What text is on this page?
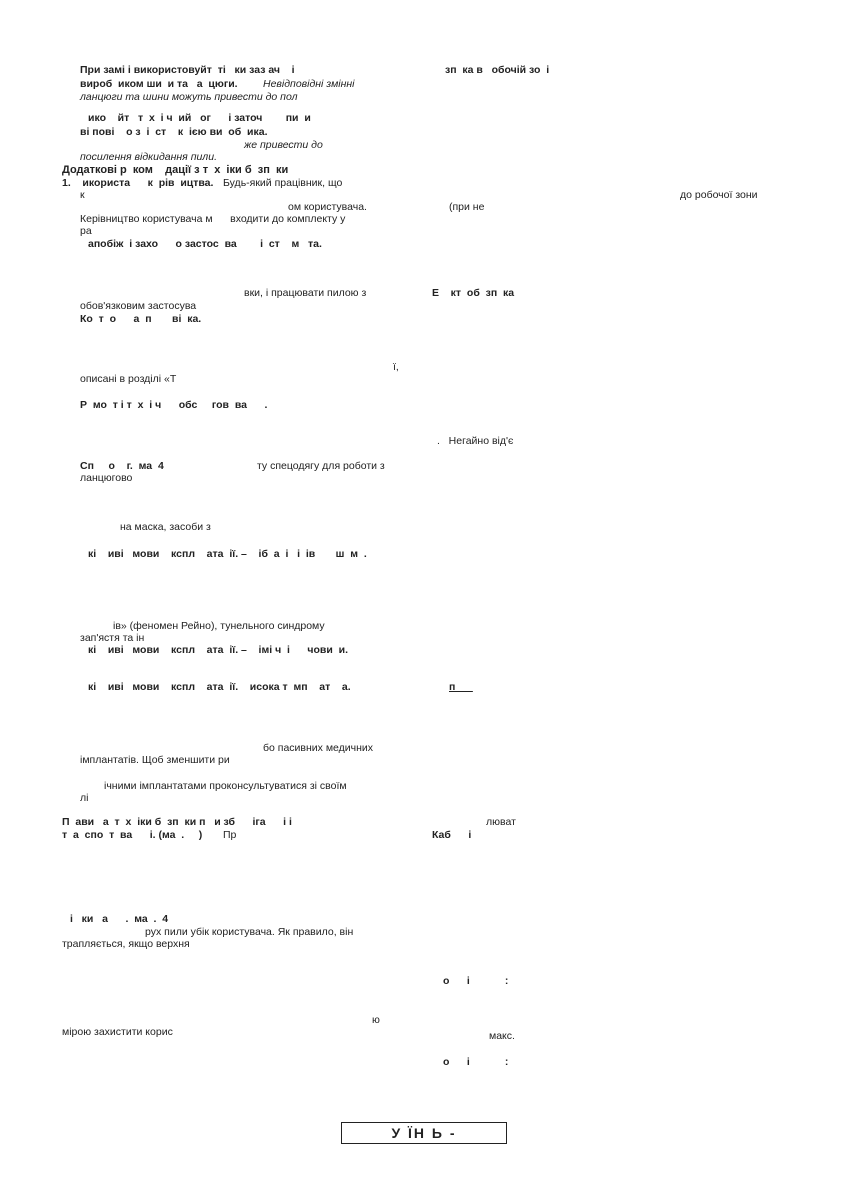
При замі і використовуйт  ті   ки заз ач    і	зп  ка в   обочій зо  і
вироб  иком ши  и та   а  цюги. Невідповідні змінні
ланцюги та шини можуть привести до пол
ико    йт   т  х  і ч  ий   ог      і заточ        пи  и
ві пові    о з  і  ст    к  ією ви  об  ика.
же привести до
посилення відкидання пили.
Додаткові р  ком    дації з т  х  іки б  зп  ки
1.    икориста      к  рів  ицтва. Будь-який працівник, що
к	до робочої зони
ом користувача.	(при не
Керівництво користувача м      входити до комплекту у
ра
апобіж  і захо      о застос  ва        і  ст    м   та.
вки, і працювати пилою з	Е    кт  об  зп  ка
обов'язковим застосува
Ко  т  о      а  п       ві  ка.
ї,
описані в розділі «Т
Р  мо  т і т  х  і ч      обс     гов  ва      .
.   Негайно від'є
Сп     о    г.  ма  4	ту спецодягу для роботи з
ланцюгово
на маска, засоби з
кі    иві   мови    кспл    ата  ії. –    іб  а  і   і  ів       ш  м  .
ів» (феномен Рейно), тунельного синдрому
зап'ястя та ін
кі    иві   мови    кспл    ата  ії. –    імі ч  і      чови  и.
кі    иві   мови    кспл    ата  ії.    исока т  мп    ат    а.	п
бо пасивних медичних
імплантатів. Щоб зменшити ри
ічними імплантатами проконсультуватися зі своїм
лі
П  ави   а  т  х  іки б  зп  ки п   и зб      іга      і і	люват
т  а  спо  т  ва      і. (ма  .     ) Пр	Каб      і
і   ки   а      .  ма  .  4
рух пили убік користувача. Як правило, він
трапляється, якщо верхня
о      і            :
ю
мірою захистити корис	макс.
о      і            :
У ЇН Ь -
